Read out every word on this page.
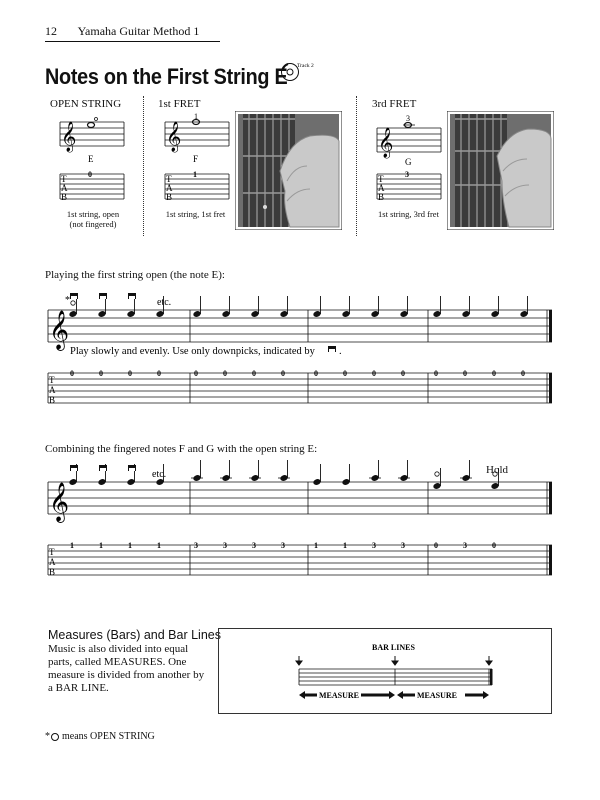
12 Yamaha Guitar Method 1
Notes on the First String E Track 2
OPEN STRING	1st FRET	3rd FRET
𝄞
E
0
T
A
B
1st string, open
(not fingered)
𝄞
1
F
1
T
A
B
1st string, 1st fret
𝄞
3
G
3
T
A
B
1st string, 3rd fret
Playing the first string open (the note E):
𝄞
T
A
B
*	etc.
Play slowly and evenly. Use only downpicks, indicated by .
0	0	0	0	0	0	0	0	0	0	0	0	0	0	0	0
Combining the fingered notes F and G with the open string E:
Hold
𝄞
T
A
B
etc.
1	1	1	1	3	3	3	3	1	1	3	3	0	3	0
Measures (Bars) and Bar Lines
Music is also divided into equal
parts, called MEASURES. One
measure is divided from another by
a BAR LINE.
BAR LINES
MEASURE	MEASURE
* means OPEN STRING
